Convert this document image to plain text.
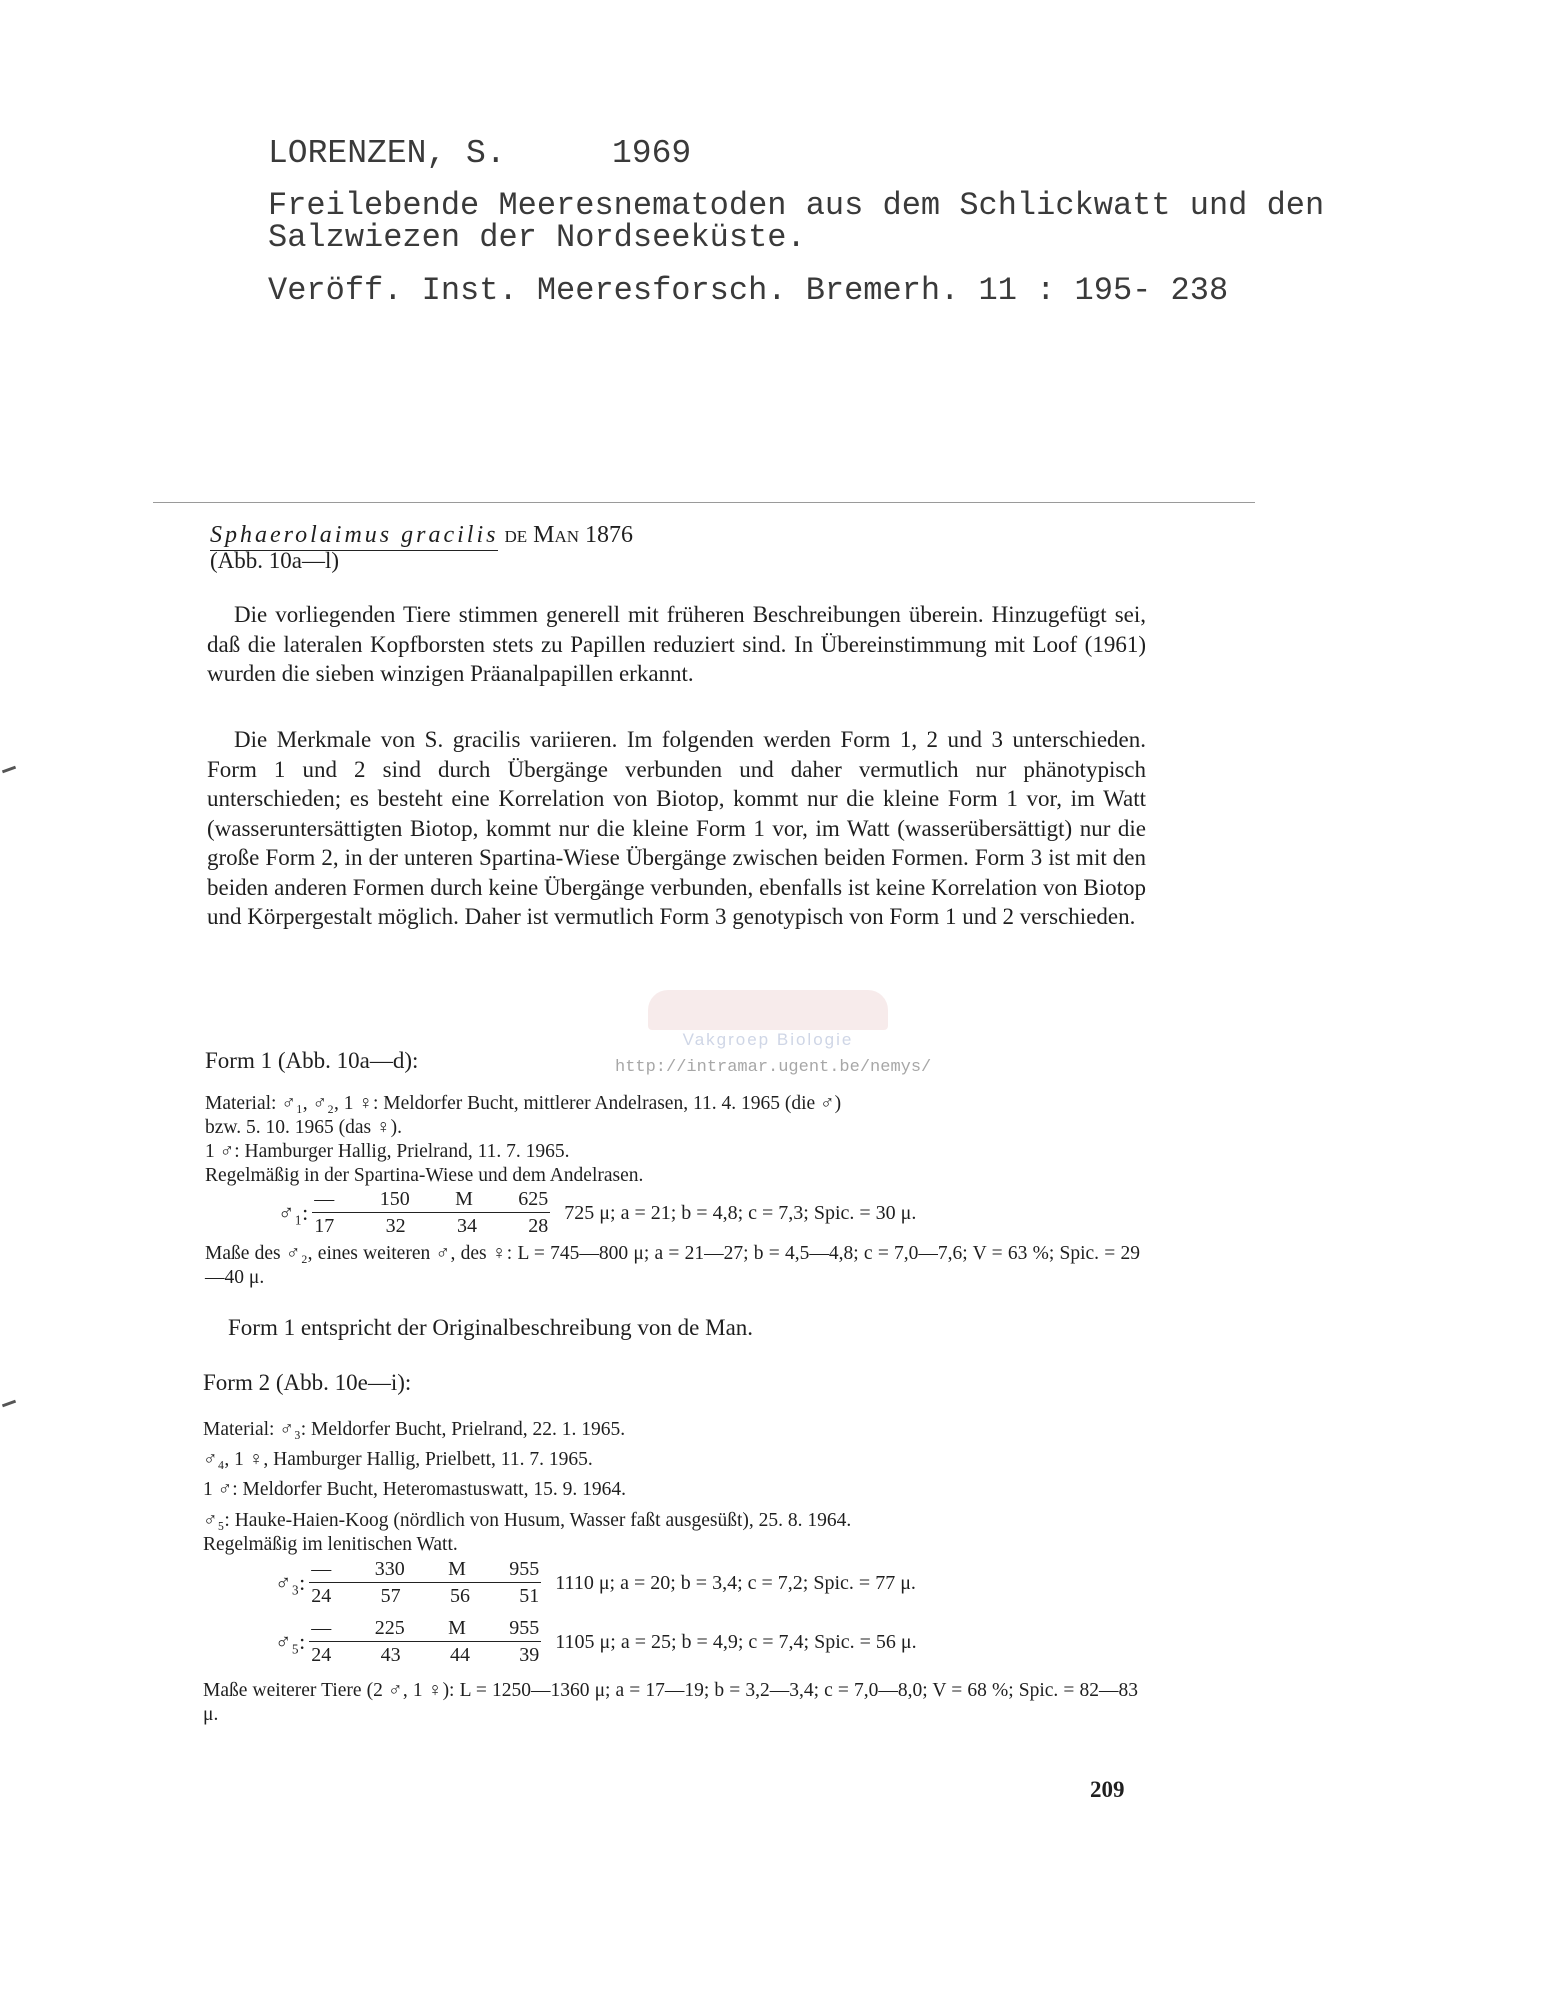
LORENZEN, S.	1969
Freilebende Meeresnematoden aus dem Schlickwatt und den
Salzwiezen der Nordseeküste.
Veröff. Inst. Meeresforsch. Bremerh. 11 : 195- 238
Vakgroep Biologie
http://intramar.ugent.be/nemys/
Sphaerolaimus gracilis de Man 1876
(Abb. 10a—l)
Die vorliegenden Tiere stimmen generell mit früheren Beschreibungen überein. Hinzugefügt sei, daß die lateralen Kopfborsten stets zu Papillen reduziert sind. In Übereinstimmung mit Loof (1961) wurden die sieben winzigen Präanalpapillen erkannt.
Die Merkmale von S. gracilis variieren. Im folgenden werden Form 1, 2 und 3 unterschieden. Form 1 und 2 sind durch Übergänge verbunden und daher vermutlich nur phänotypisch unterschieden; es besteht eine Korrelation von Biotop, kommt nur die kleine Form 1 vor, im Watt (wasseruntersättigten Biotop, kommt nur die kleine Form 1 vor, im Watt (wasserübersättigt) nur die große Form 2, in der unteren Spartina-Wiese Übergänge zwischen beiden Formen. Form 3 ist mit den beiden anderen Formen durch keine Übergänge verbunden, ebenfalls ist keine Korrelation von Biotop und Körpergestalt möglich. Daher ist vermutlich Form 3 genotypisch von Form 1 und 2 verschieden.
Form 1 (Abb. 10a—d):
Material: ♂₁, ♂₂, 1 ♀: Meldorfer Bucht, mittlerer Andelrasen, 11. 4. 1965 (die ♂)
bzw. 5. 10. 1965 (das ♀).
1 ♂: Hamburger Hallig, Prielrand, 11. 7. 1965.
Regelmäßig in der Spartina-Wiese und dem Andelrasen.
♂₁: — 150 M 625
17	32	34	28 725 μ; a = 21; b = 4,8; c = 7,3; Spic. = 30 μ.
Maße des ♂₂, eines weiteren ♂, des ♀: L = 745—800 μ; a = 21—27; b = 4,5—4,8; c = 7,0—7,6; V = 63 %; Spic. = 29—40 μ.
Form 1 entspricht der Originalbeschreibung von de Man.
Form 2 (Abb. 10e—i):
Material: ♂₃: Meldorfer Bucht, Prielrand, 22. 1. 1965.
♂₄, 1 ♀, Hamburger Hallig, Prielbett, 11. 7. 1965.
1 ♂: Meldorfer Bucht, Heteromastuswatt, 15. 9. 1964.
♂₅: Hauke-Haien-Koog (nördlich von Husum, Wasser faßt ausgesüßt), 25. 8. 1964.
Regelmäßig im lenitischen Watt.
♂₃: $\frac{— 330 M 955}{24 57 56 51} 1110$ μ; a = 20; b = 3,4; c = 7,2; Spic. = 77 μ.
♂₅: $\frac{— 225 M 955}{24 43 44 39} 1105$ μ; a = 25; b = 4,9; c = 7,4; Spic. = 56 μ.
Maße weiterer Tiere (2 ♂, 1 ♀): L = 1250—1360 μ; a = 17—19; b = 3,2—3,4; c = 7,0—8,0; V = 68 %; Spic. = 82—83 μ.
209
